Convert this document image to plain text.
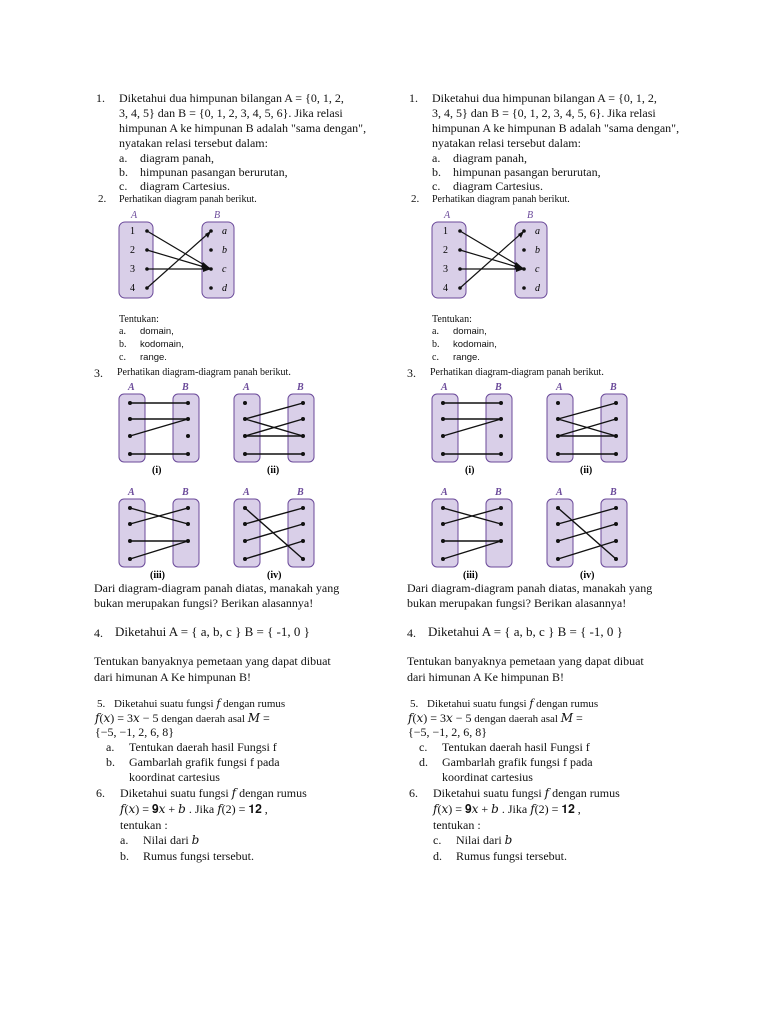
1. Diketahui dua himpunan bilangan A = {0, 1, 2,
3, 4, 5} dan B = {0, 1, 2, 3, 4, 5, 6}. Jika relasi
himpunan A ke himpunan B adalah "sama dengan",
nyatakan relasi tersebut dalam:
a. diagram panah,
b. himpunan pasangan berurutan,
c. diagram Cartesius.
2. Perhatikan diagram panah berikut.
A	B
1
2
3
4
a
b
c
d
Tentukan:
a. domain,
b. kodomain,
c. range.
3. Perhatikan diagram-diagram panah berikut.
A	B
(i)
A	B
(ii)
A	B
(iii)
A	B
(iv)
Dari diagram-diagram panah diatas, manakah yang
bukan merupakan fungsi? Berikan alasannya!
4. Diketahui A = { a, b, c } B = { -1, 0 }
Tentukan banyaknya pemetaan yang dapat dibuat
dari himunan A Ke himpunan B!
5. Diketahui suatu fungsi 𝑓 dengan rumus
𝑓(𝑥) = 3𝑥 − 5 dengan daerah asal 𝑀 =
{−5, −1, 2, 6, 8}
a. Tentukan daerah hasil Fungsi f
b. Gambarlah grafik fungsi f pada
koordinat cartesius
6. Diketahui suatu fungsi 𝑓 dengan rumus
𝑓(𝑥) = 𝟗𝑥 + 𝑏 . Jika 𝑓(2) = 𝟏𝟐 ,
tentukan :
a. Nilai dari 𝑏
b. Rumus fungsi tersebut.
1. Diketahui dua himpunan bilangan A = {0, 1, 2,
3, 4, 5} dan B = {0, 1, 2, 3, 4, 5, 6}. Jika relasi
himpunan A ke himpunan B adalah "sama dengan",
nyatakan relasi tersebut dalam:
a. diagram panah,
b. himpunan pasangan berurutan,
c. diagram Cartesius.
2. Perhatikan diagram panah berikut.
A	B
1
2
3
4
a
b
c
d
Tentukan:
a. domain,
b. kodomain,
c. range.
3. Perhatikan diagram-diagram panah berikut.
A	B
(i)
A	B
(ii)
A	B
(iii)
A	B
(iv)
Dari diagram-diagram panah diatas, manakah yang
bukan merupakan fungsi? Berikan alasannya!
4. Diketahui A = { a, b, c } B = { -1, 0 }
Tentukan banyaknya pemetaan yang dapat dibuat
dari himunan A Ke himpunan B!
5. Diketahui suatu fungsi 𝑓 dengan rumus
𝑓(𝑥) = 3𝑥 − 5 dengan daerah asal 𝑀 =
{−5, −1, 2, 6, 8}
c. Tentukan daerah hasil Fungsi f
d. Gambarlah grafik fungsi f pada
koordinat cartesius
6. Diketahui suatu fungsi 𝑓 dengan rumus
𝑓(𝑥) = 𝟗𝑥 + 𝑏 . Jika 𝑓(2) = 𝟏𝟐 ,
tentukan :
c. Nilai dari 𝑏
d. Rumus fungsi tersebut.
